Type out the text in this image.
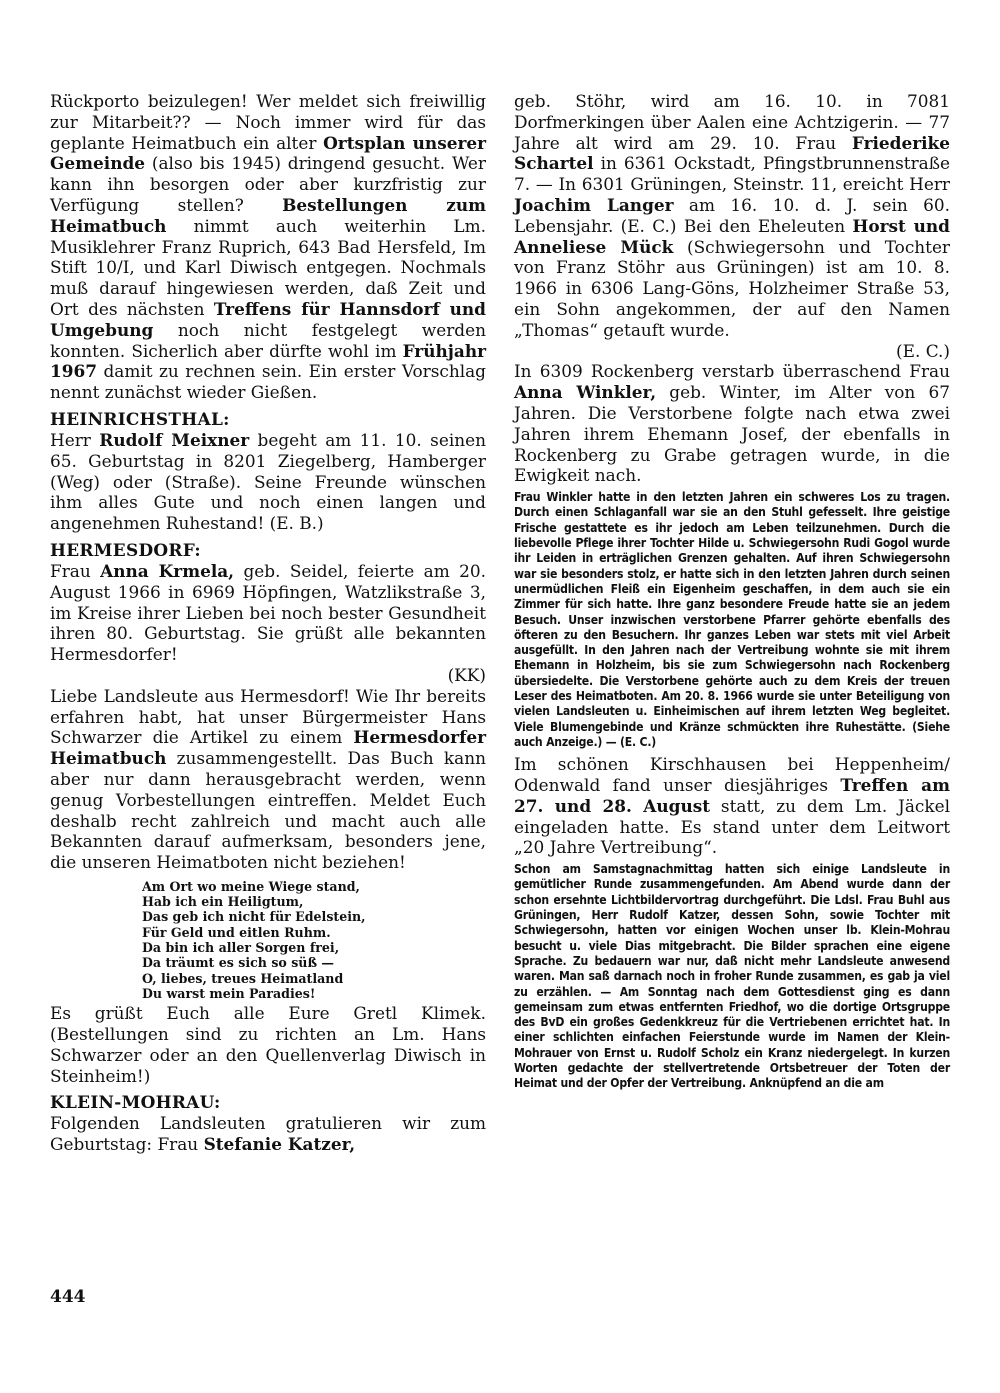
Rückporto beizulegen! Wer meldet sich freiwillig zur Mitarbeit?? — Noch immer wird für das geplante Heimatbuch ein alter Ortsplan unserer Gemeinde (also bis 1945) dringend gesucht. Wer kann ihn besorgen oder aber kurzfristig zur Verfügung stellen? Bestellungen zum Heimatbuch nimmt auch weiterhin Lm. Musiklehrer Franz Ruprich, 643 Bad Hersfeld, Im Stift 10/I, und Karl Diwisch entgegen. Nochmals muß darauf hingewiesen werden, daß Zeit und Ort des nächsten Treffens für Hannsdorf und Umgebung noch nicht festgelegt werden konnten. Sicherlich aber dürfte wohl im Frühjahr 1967 damit zu rechnen sein. Ein erster Vorschlag nennt zunächst wieder Gießen.

HEINRICHSTHAL:

Herr Rudolf Meixner begeht am 11. 10. seinen 65. Geburtstag in 8201 Ziegelberg, Hamberger (Weg) oder (Straße). Seine Freunde wünschen ihm alles Gute und noch einen langen und angenehmen Ruhestand! (E. B.)

HERMESDORF:

Frau Anna Krmela, geb. Seidel, feierte am 20. August 1966 in 6969 Höpfingen, Watzlikstraße 3, im Kreise ihrer Lieben bei noch bester Gesundheit ihren 80. Geburtstag. Sie grüßt alle bekannten Hermesdorfer!

(KK)

Liebe Landsleute aus Hermesdorf! Wie Ihr bereits erfahren habt, hat unser Bürgermeister Hans Schwarzer die Artikel zu einem Hermesdorfer Heimatbuch zusammengestellt. Das Buch kann aber nur dann herausgebracht werden, wenn genug Vorbestellungen eintreffen. Meldet Euch deshalb recht zahlreich und macht auch alle Bekannten darauf aufmerksam, besonders jene, die unseren Heimatboten nicht beziehen!

Am Ort wo meine Wiege stand,
Hab ich ein Heiligtum,
Das geb ich nicht für Edelstein,
Für Geld und eitlen Ruhm.
Da bin ich aller Sorgen frei,
Da träumt es sich so süß —
O, liebes, treues Heimatland
Du warst mein Paradies!

Es grüßt Euch alle Eure Gretl Klimek. (Bestellungen sind zu richten an Lm. Hans Schwarzer oder an den Quellenverlag Diwisch in Steinheim!)

KLEIN-MOHRAU:

Folgenden Landsleuten gratulieren wir zum Geburtstag: Frau Stefanie Katzer,

geb. Stöhr, wird am 16. 10. in 7081 Dorfmerkingen über Aalen eine Achtzigerin. — 77 Jahre alt wird am 29. 10. Frau Friederike Schartel in 6361 Ockstadt, Pfingstbrunnenstraße 7. — In 6301 Grüningen, Steinstr. 11, ereicht Herr Joachim Langer am 16. 10. d. J. sein 60. Lebensjahr. (E. C.) Bei den Eheleuten Horst und Anneliese Mück (Schwiegersohn und Tochter von Franz Stöhr aus Grüningen) ist am 10. 8. 1966 in 6306 Lang-Göns, Holzheimer Straße 53, ein Sohn angekommen, der auf den Namen „Thomas“ getauft wurde.

(E. C.)

In 6309 Rockenberg verstarb überraschend Frau Anna Winkler, geb. Winter, im Alter von 67 Jahren. Die Verstorbene folgte nach etwa zwei Jahren ihrem Ehemann Josef, der ebenfalls in Rockenberg zu Grabe getragen wurde, in die Ewigkeit nach.

Frau Winkler hatte in den letzten Jahren ein schweres Los zu tragen. Durch einen Schlaganfall war sie an den Stuhl gefesselt. Ihre geistige Frische gestattete es ihr jedoch am Leben teilzunehmen. Durch die liebevolle Pflege ihrer Tochter Hilde u. Schwiegersohn Rudi Gogol wurde ihr Leiden in erträglichen Grenzen gehalten. Auf ihren Schwiegersohn war sie besonders stolz, er hatte sich in den letzten Jahren durch seinen unermüdlichen Fleiß ein Eigenheim geschaffen, in dem auch sie ein Zimmer für sich hatte. Ihre ganz besondere Freude hatte sie an jedem Besuch. Unser inzwischen verstorbene Pfarrer gehörte ebenfalls des öfteren zu den Besuchern. Ihr ganzes Leben war stets mit viel Arbeit ausgefüllt. In den Jahren nach der Vertreibung wohnte sie mit ihrem Ehemann in Holzheim, bis sie zum Schwiegersohn nach Rockenberg übersiedelte. Die Verstorbene gehörte auch zu dem Kreis der treuen Leser des Heimatboten. Am 20. 8. 1966 wurde sie unter Beteiligung von vielen Landsleuten u. Einheimischen auf ihrem letzten Weg begleitet. Viele Blumengebinde und Kränze schmückten ihre Ruhestätte. (Siehe auch Anzeige.) — (E. C.)

Im schönen Kirschhausen bei Heppenheim/ Odenwald fand unser diesjähriges Treffen am 27. und 28. August statt, zu dem Lm. Jäckel eingeladen hatte. Es stand unter dem Leitwort „20 Jahre Vertreibung“.

Schon am Samstagnachmittag hatten sich einige Landsleute in gemütlicher Runde zusammengefunden. Am Abend wurde dann der schon ersehnte Lichtbildervortrag durchgeführt. Die Ldsl. Frau Buhl aus Grüningen, Herr Rudolf Katzer, dessen Sohn, sowie Tochter mit Schwiegersohn, hatten vor einigen Wochen unser lb. Klein-Mohrau besucht u. viele Dias mitgebracht. Die Bilder sprachen eine eigene Sprache. Zu bedauern war nur, daß nicht mehr Landsleute anwesend waren. Man saß darnach noch in froher Runde zusammen, es gab ja viel zu erzählen. — Am Sonntag nach dem Gottesdienst ging es dann gemeinsam zum etwas entfernten Friedhof, wo die dortige Ortsgruppe des BvD ein großes Gedenkkreuz für die Vertriebenen errichtet hat. In einer schlichten einfachen Feierstunde wurde im Namen der Klein-Mohrauer von Ernst u. Rudolf Scholz ein Kranz niedergelegt. In kurzen Worten gedachte der stellvertretende Ortsbetreuer der Toten der Heimat und der Opfer der Vertreibung. Anknüpfend an die am

444
